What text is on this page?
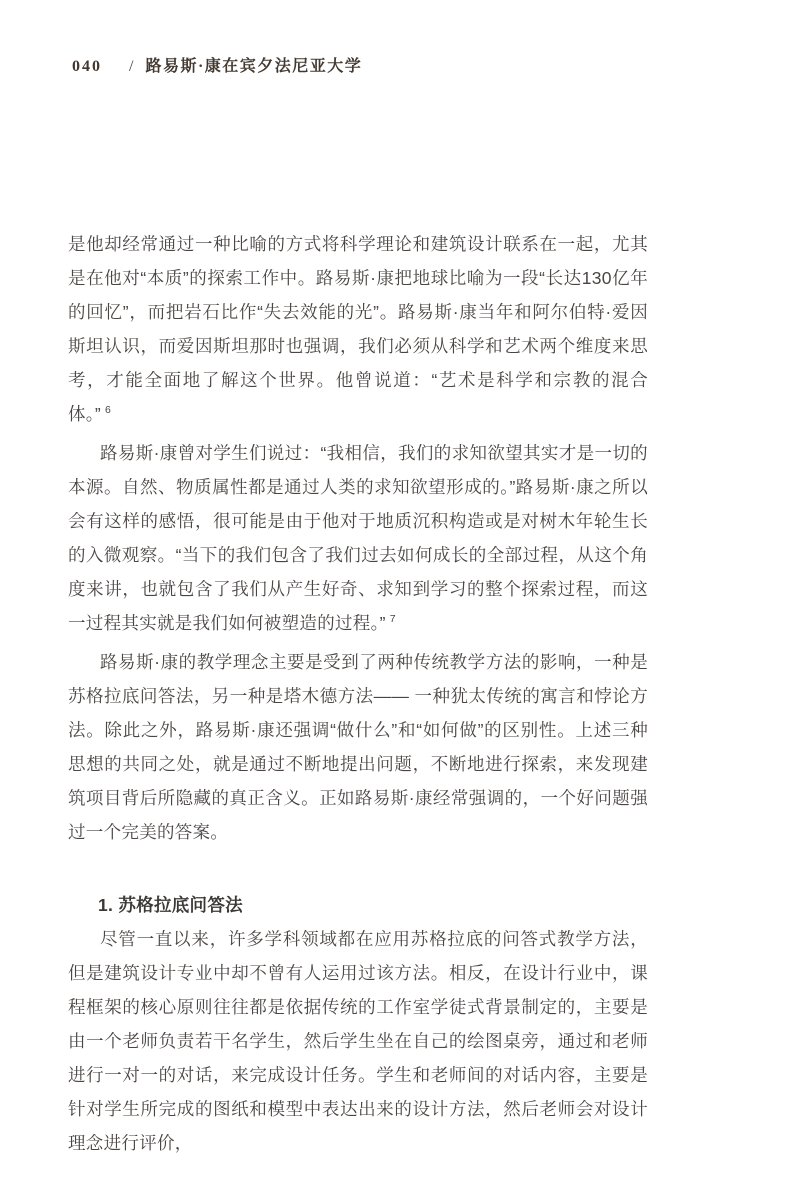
040 / 路易斯·康在宾夕法尼亚大学

是他却经常通过一种比喻的方式将科学理论和建筑设计联系在一起，尤其是在他对“本质”的探索工作中。路易斯·康把地球比喻为一段“长达130亿年的回忆”，而把岩石比作“失去效能的光”。路易斯·康当年和阿尔伯特·爱因斯坦认识，而爱因斯坦那时也强调，我们必须从科学和艺术两个维度来思考，才能全面地了解这个世界。他曾说道：“艺术是科学和宗教的混合体。” $^6$

路易斯·康曾对学生们说过：“我相信，我们的求知欲望其实才是一切的本源。自然、物质属性都是通过人类的求知欲望形成的。”路易斯·康之所以会有这样的感悟，很可能是由于他对于地质沉积构造或是对树木年轮生长的入微观察。“当下的我们包含了我们过去如何成长的全部过程，从这个角度来讲，也就包含了我们从产生好奇、求知到学习的整个探索过程，而这一过程其实就是我们如何被塑造的过程。” $^7$

路易斯·康的教学理念主要是受到了两种传统教学方法的影响，一种是苏格拉底问答法，另一种是塔木德方法—— 一种犹太传统的寓言和悖论方法。除此之外，路易斯·康还强调“做什么”和“如何做”的区别性。上述三种思想的共同之处，就是通过不断地提出问题，不断地进行探索，来发现建筑项目背后所隐藏的真正含义。正如路易斯·康经常强调的，一个好问题强过一个完美的答案。

1. 苏格拉底问答法

尽管一直以来，许多学科领域都在应用苏格拉底的问答式教学方法，但是建筑设计专业中却不曾有人运用过该方法。相反，在设计行业中，课程框架的核心原则往往都是依据传统的工作室学徒式背景制定的，主要是由一个老师负责若干名学生，然后学生坐在自己的绘图桌旁，通过和老师进行一对一的对话，来完成设计任务。学生和老师间的对话内容，主要是针对学生所完成的图纸和模型中表达出来的设计方法，然后老师会对设计理念进行评价，
